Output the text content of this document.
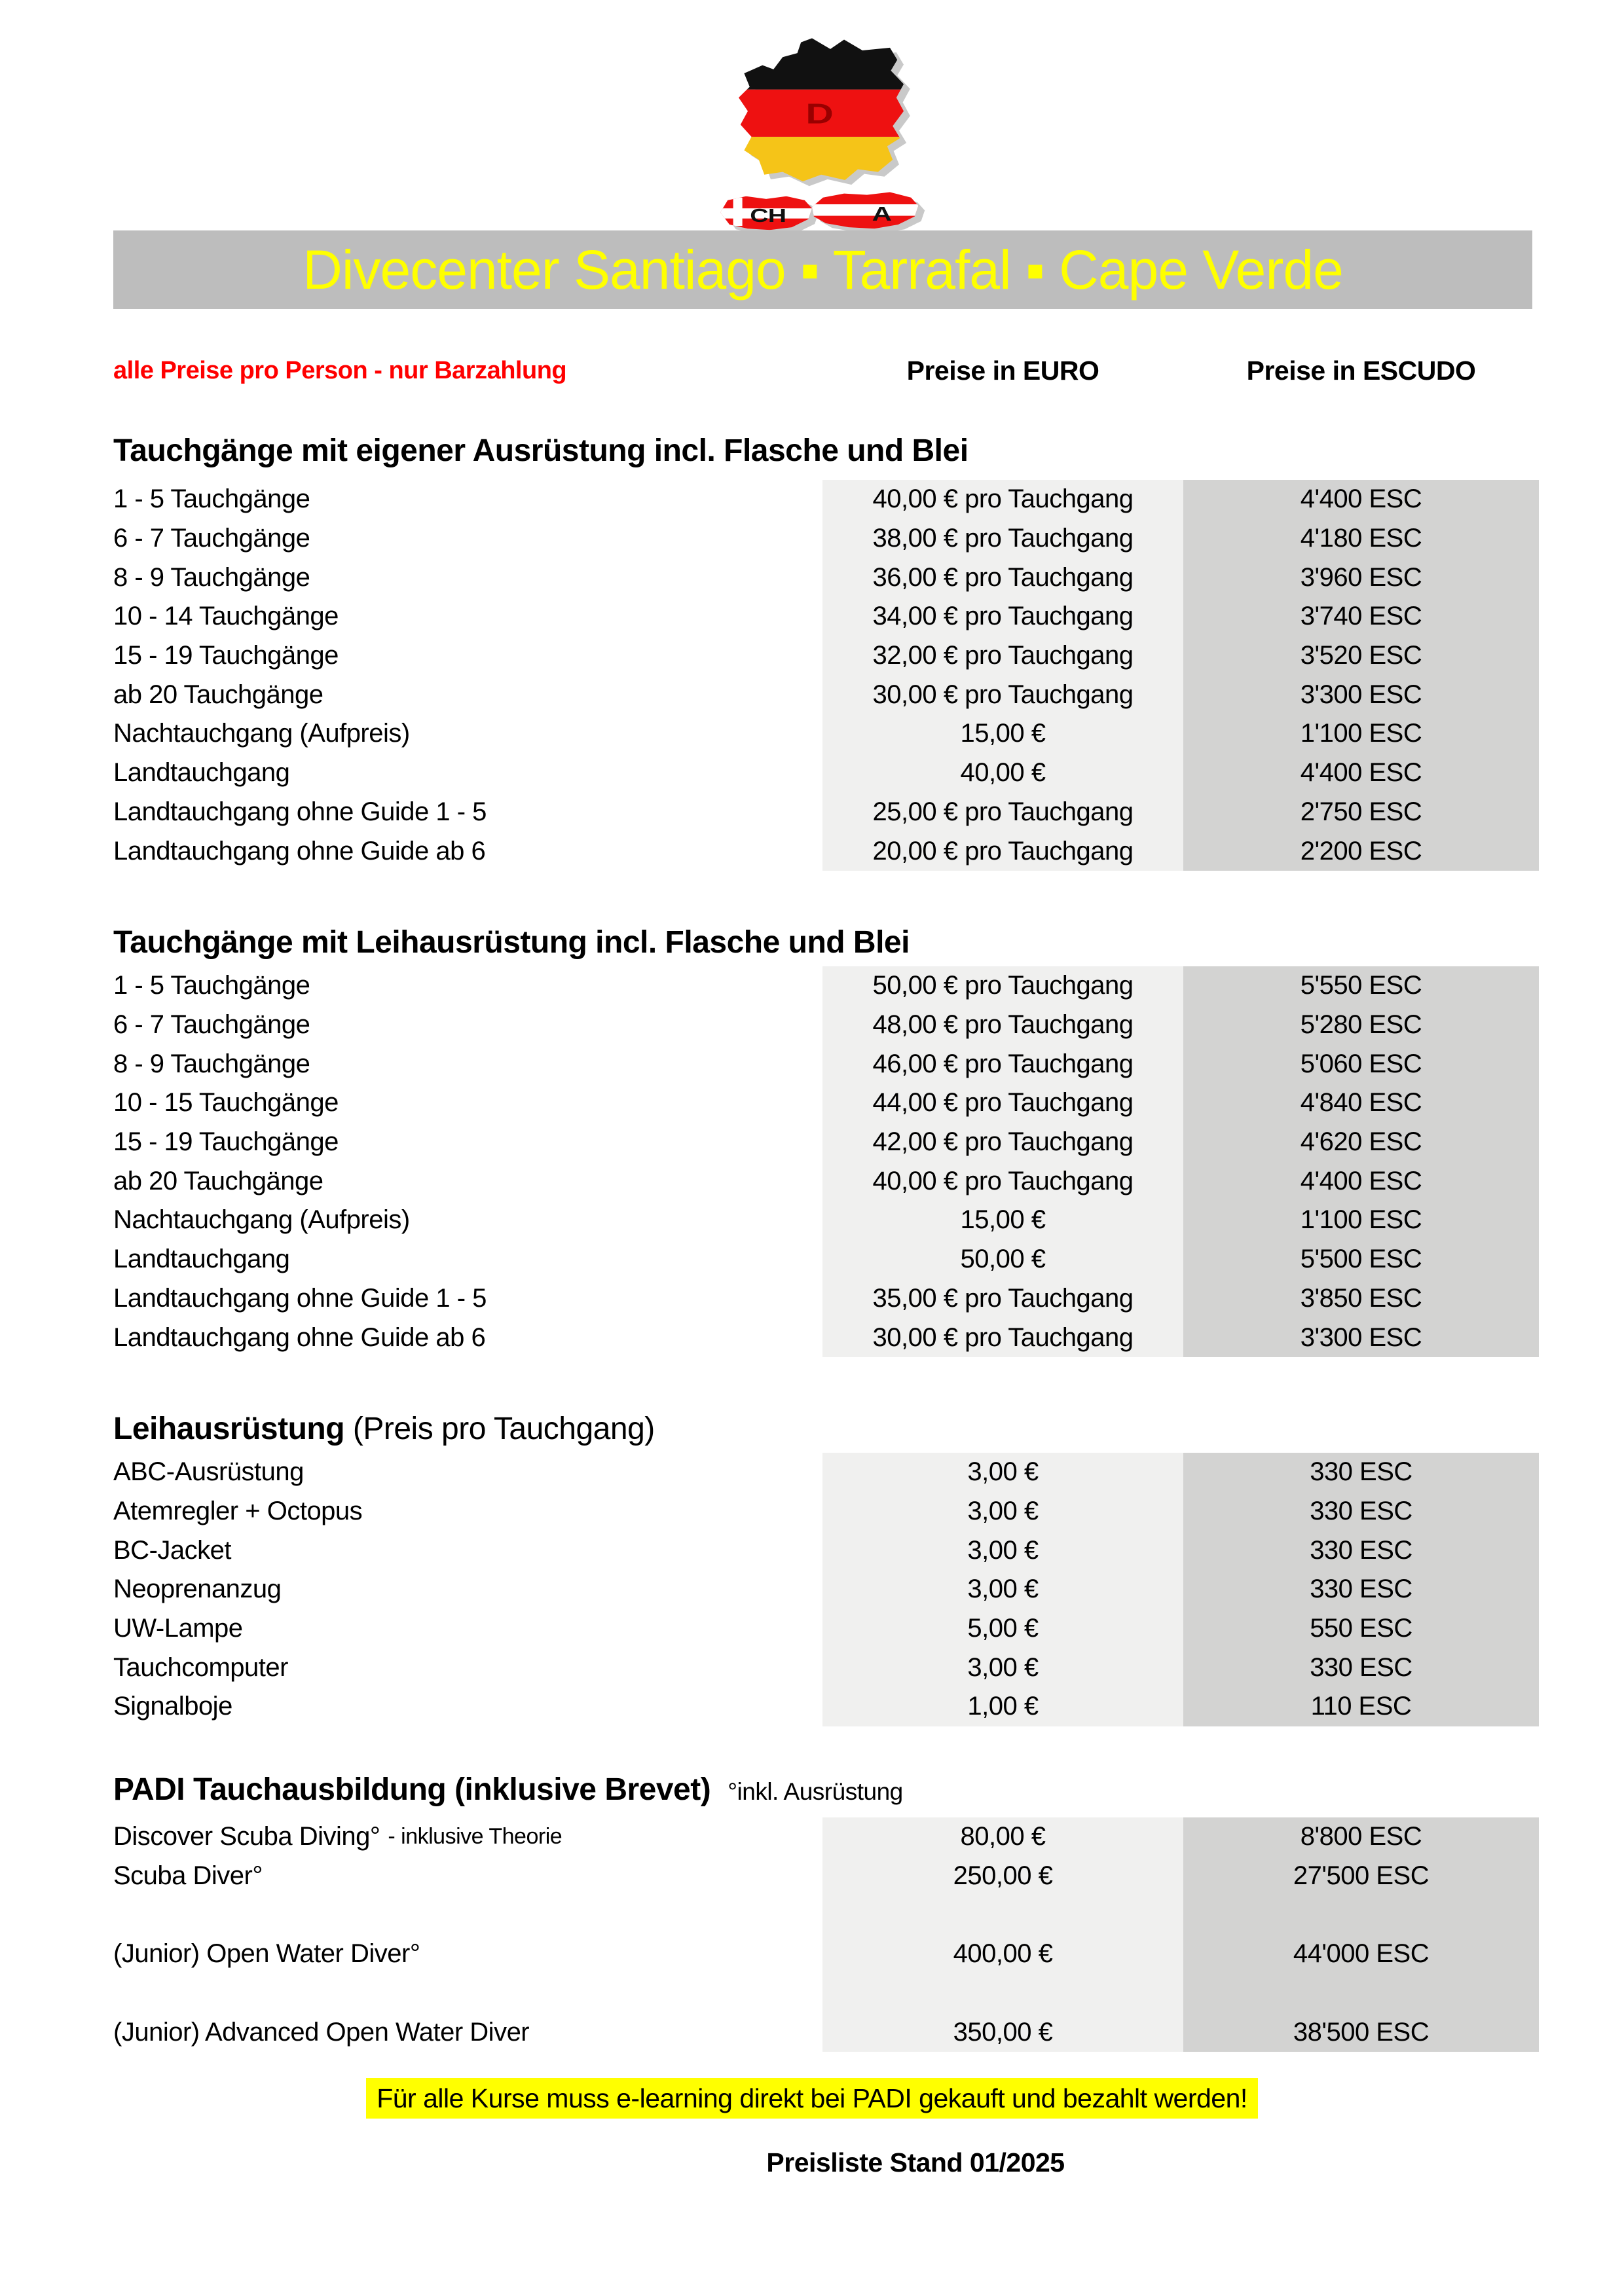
D
CH	A
Divecenter Santiago ▪ Tarrafal ▪ Cape Verde
alle Preise pro Person - nur Barzahlung	Preise in EURO	Preise in ESCUDO
Tauchgänge mit eigener Ausrüstung incl. Flasche und Blei
1 - 5 Tauchgänge	40,00 € pro Tauchgang	4'400 ESC
6 - 7 Tauchgänge	38,00 € pro Tauchgang	4'180 ESC
8 - 9 Tauchgänge	36,00 € pro Tauchgang	3'960 ESC
10 - 14 Tauchgänge	34,00 € pro Tauchgang	3'740 ESC
15 - 19 Tauchgänge	32,00 € pro Tauchgang	3'520 ESC
ab 20 Tauchgänge	30,00 € pro Tauchgang	3'300 ESC
Nachtauchgang (Aufpreis)	15,00 €	1'100 ESC
Landtauchgang	40,00 €	4'400 ESC
Landtauchgang ohne Guide 1 - 5	25,00 € pro Tauchgang	2'750 ESC
Landtauchgang ohne Guide ab 6	20,00 € pro Tauchgang	2'200 ESC
Tauchgänge mit Leihausrüstung incl. Flasche und Blei
1 - 5 Tauchgänge	50,00 € pro Tauchgang	5'550 ESC
6 - 7 Tauchgänge	48,00 € pro Tauchgang	5'280 ESC
8 - 9 Tauchgänge	46,00 € pro Tauchgang	5'060 ESC
10 - 15 Tauchgänge	44,00 € pro Tauchgang	4'840 ESC
15 - 19 Tauchgänge	42,00 € pro Tauchgang	4'620 ESC
ab 20 Tauchgänge	40,00 € pro Tauchgang	4'400 ESC
Nachtauchgang (Aufpreis)	15,00 €	1'100 ESC
Landtauchgang	50,00 €	5'500 ESC
Landtauchgang ohne Guide 1 - 5	35,00 € pro Tauchgang	3'850 ESC
Landtauchgang ohne Guide ab 6	30,00 € pro Tauchgang	3'300 ESC
Leihausrüstung (Preis pro Tauchgang)
ABC-Ausrüstung	3,00 €	330 ESC
Atemregler + Octopus	3,00 €	330 ESC
BC-Jacket	3,00 €	330 ESC
Neoprenanzug	3,00 €	330 ESC
UW-Lampe	5,00 €	550 ESC
Tauchcomputer	3,00 €	330 ESC
Signalboje	1,00 €	110 ESC
PADI Tauchausbildung (inklusive Brevet) °inkl. Ausrüstung
Discover Scuba Diving° - inklusive Theorie	80,00 €	8'800 ESC
Scuba Diver°	250,00 €	27'500 ESC
(Junior) Open Water Diver°	400,00 €	44'000 ESC
(Junior) Advanced Open Water Diver	350,00 €	38'500 ESC
Für alle Kurse muss e-learning direkt bei PADI gekauft und bezahlt werden!
Preisliste Stand 01/2025
